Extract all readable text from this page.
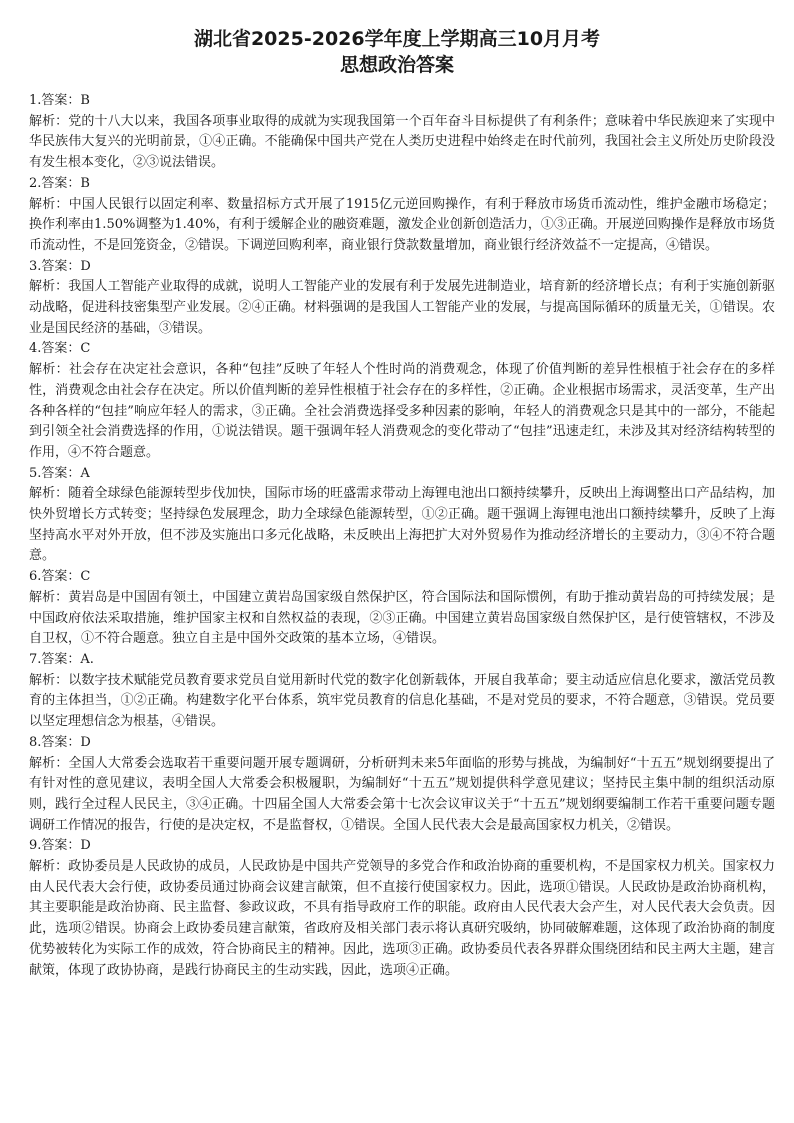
湖北省2025-2026学年度上学期高三10月月考
思想政治答案

1.答案：B

解析：党的十八大以来，我国各项事业取得的成就为实现我国第一个百年奋斗目标提供了有利条件；意味着中华民族迎来了实现中华民族伟大复兴的光明前景，①④正确。不能确保中国共产党在人类历史进程中始终走在时代前列，我国社会主义所处历史阶段没有发生根本变化，②③说法错误。

2.答案：B

解析：中国人民银行以固定利率、数量招标方式开展了1915亿元逆回购操作，有利于释放市场货币流动性，维护金融市场稳定；换作利率由1.50%调整为1.40%，有利于缓解企业的融资难题，激发企业创新创造活力，①③正确。开展逆回购操作是释放市场货币流动性，不是回笼资金，②错误。下调逆回购利率，商业银行贷款数量增加，商业银行经济效益不一定提高，④错误。

3.答案：D

解析：我国人工智能产业取得的成就，说明人工智能产业的发展有利于发展先进制造业，培育新的经济增长点；有利于实施创新驱动战略，促进科技密集型产业发展。②④正确。材料强调的是我国人工智能产业的发展，与提高国际循环的质量无关，①错误。农业是国民经济的基础，③错误。

4.答案：C

解析：社会存在决定社会意识，各种“包挂”反映了年轻人个性时尚的消费观念，体现了价值判断的差异性根植于社会存在的多样性，消费观念由社会存在决定。所以价值判断的差异性根植于社会存在的多样性，②正确。企业根据市场需求，灵活变革，生产出各种各样的“包挂”响应年轻人的需求，③正确。全社会消费选择受多种因素的影响，年轻人的消费观念只是其中的一部分，不能起到引领全社会消费选择的作用，①说法错误。题干强调年轻人消费观念的变化带动了“包挂”迅速走红，未涉及其对经济结构转型的作用，④不符合题意。

5.答案：A

解析：随着全球绿色能源转型步伐加快，国际市场的旺盛需求带动上海锂电池出口额持续攀升，反映出上海调整出口产品结构，加快外贸增长方式转变；坚持绿色发展理念，助力全球绿色能源转型，①②正确。题干强调上海锂电池出口额持续攀升，反映了上海坚持高水平对外开放，但不涉及实施出口多元化战略，未反映出上海把扩大对外贸易作为推动经济增长的主要动力，③④不符合题意。

6.答案：C

解析：黄岩岛是中国固有领土，中国建立黄岩岛国家级自然保护区，符合国际法和国际惯例，有助于推动黄岩岛的可持续发展；是中国政府依法采取措施，维护国家主权和自然权益的表现，②③正确。中国建立黄岩岛国家级自然保护区，是行使管辖权，不涉及自卫权，①不符合题意。独立自主是中国外交政策的基本立场，④错误。

7.答案：A.

解析：以数字技术赋能党员教育要求党员自觉用新时代党的数字化创新载体，开展自我革命；要主动适应信息化要求，激活党员教育的主体担当，①②正确。构建数字化平台体系，筑牢党员教育的信息化基础，不是对党员的要求，不符合题意，③错误。党员要以坚定理想信念为根基，④错误。

8.答案：D

解析：全国人大常委会选取若干重要问题开展专题调研，分析研判未来5年面临的形势与挑战，为编制好“十五五”规划纲要提出了有针对性的意见建议，表明全国人大常委会积极履职，为编制好“十五五”规划提供科学意见建议；坚持民主集中制的组织活动原则，践行全过程人民民主，③④正确。十四届全国人大常委会第十七次会议审议关于“十五五”规划纲要编制工作若干重要问题专题调研工作情况的报告，行使的是决定权，不是监督权，①错误。全国人民代表大会是最高国家权力机关，②错误。

9.答案：D

解析：政协委员是人民政协的成员，人民政协是中国共产党领导的多党合作和政治协商的重要机构，不是国家权力机关。国家权力由人民代表大会行使，政协委员通过协商会议建言献策，但不直接行使国家权力。因此，选项①错误。人民政协是政治协商机构，其主要职能是政治协商、民主监督、参政议政，不具有指导政府工作的职能。政府由人民代表大会产生，对人民代表大会负责。因此，选项②错误。协商会上政协委员建言献策，省政府及相关部门表示将认真研究吸纳，协同破解难题，这体现了政治协商的制度优势被转化为实际工作的成效，符合协商民主的精神。因此，选项③正确。政协委员代表各界群众围绕团结和民主两大主题，建言献策，体现了政协协商，是践行协商民主的生动实践，因此，选项④正确。
